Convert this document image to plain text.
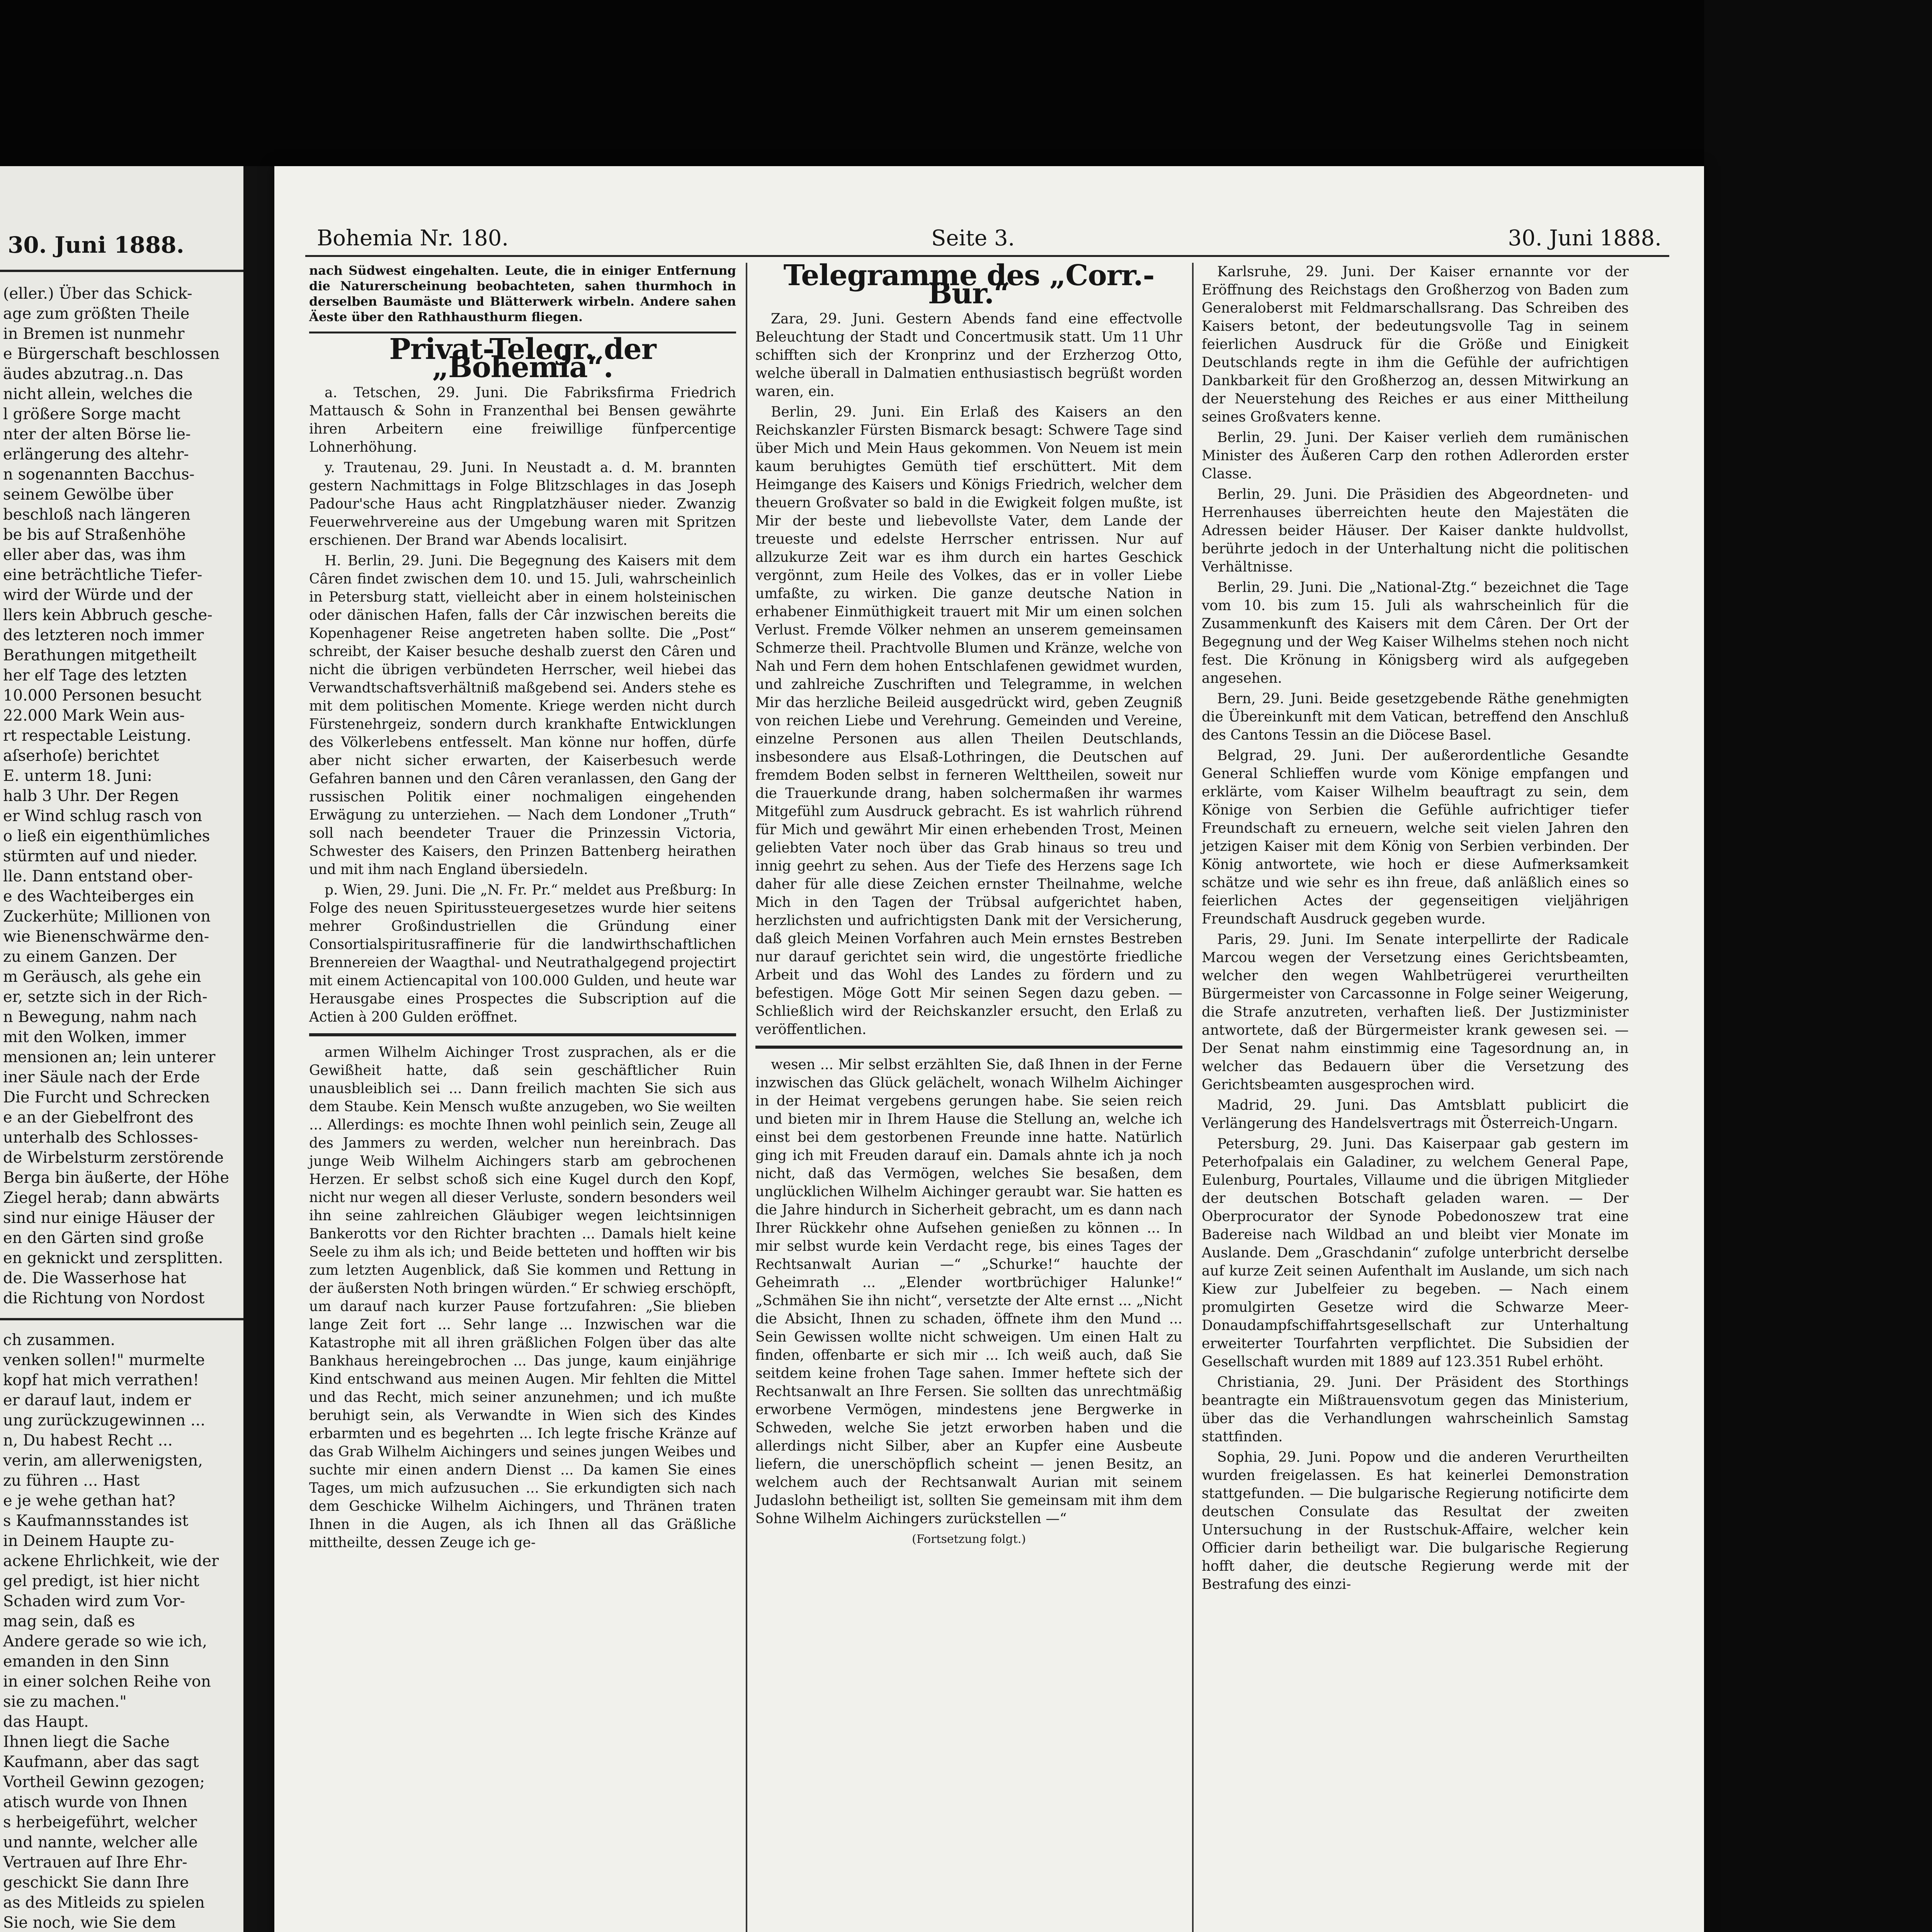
30. Juni 1888.
(eller.) Über das Schick-
age zum größten Theile
in Bremen ist nunmehr
e Bürgerschaft beschlossen
äudes abzutrag..n. Das
nicht allein, welches die
l größere Sorge macht
nter der alten Börse lie-
erlängerung des altehr-
n sogenannten Bacchus-
seinem Gewölbe über
beschloß nach längeren
be bis auf Straßenhöhe
eller aber das, was ihm
eine beträchtliche Tiefer-
wird der Würde und der
llers kein Abbruch gesche-
des letzteren noch immer
Berathungen mitgetheilt
her elf Tage des letzten
10.000 Personen besucht
22.000 Mark Wein aus-
rt respectable Leistung.
aſserhoſe) berichtet
E. unterm 18. Juni:
halb 3 Uhr. Der Regen
er Wind schlug rasch von
o ließ ein eigenthümliches
stürmten auf und nieder.
lle. Dann entstand ober-
e des Wachteiberges ein
Zuckerhüte; Millionen von
wie Bienenschwärme den-
zu einem Ganzen. Der
m Geräusch, als gehe ein
er, setzte sich in der Rich-
n Bewegung, nahm nach
mit den Wolken, immer
mensionen an; lein unterer
iner Säule nach der Erde
Die Furcht und Schrecken
e an der Giebelfront des
unterhalb des Schlosses-
de Wirbelsturm zerstörende
Berga bin äußerte, der Höhe
Ziegel herab; dann abwärts
sind nur einige Häuser der
en den Gärten sind große
en geknickt und zersplitten.
de. Die Wasserhose hat
die Richtung von Nordost
ch zusammen.
venken sollen!" murmelte
kopf hat mich verrathen!
er darauf laut, indem er
ung zurückzugewinnen ...
n, Du habest Recht ...
verin, am allerwenigsten,
zu führen ... Hast
e je wehe gethan hat?
s Kaufmannsstandes ist
in Deinem Haupte zu-
ackene Ehrlichkeit, wie der
gel predigt, ist hier nicht
Schaden wird zum Vor-
mag sein, daß es
Andere gerade so wie ich,
emanden in den Sinn
in einer solchen Reihe von
sie zu machen."
das Haupt.
Ihnen liegt die Sache
Kaufmann, aber das sagt
Vortheil Gewinn gezogen;
atisch wurde von Ihnen
s herbeigeführt, welcher
und nannte, welcher alle
Vertrauen auf Ihre Ehr-
geschickt Sie dann Ihre
as des Mitleids zu spielen
Sie noch, wie Sie dem
Bohemia Nr. 180.	Seite 3.	30. Juni 1888.
nach Südwest eingehalten. Leute, die in einiger Entfernung die Naturerscheinung beobachteten, sahen thurmhoch in derselben Baumäste und Blätterwerk wirbeln. Andere sahen Äeste über den Rathhausthurm fliegen.
Privat-Telegr. der „Bohemia“.

a. Tetschen, 29. Juni. Die Fabriksfirma Friedrich Mattausch & Sohn in Franzenthal bei Bensen gewährte ihren Arbeitern eine freiwillige fünfpercentige Lohnerhöhung.

y. Trautenau, 29. Juni. In Neustadt a. d. M. brannten gestern Nachmittags in Folge Blitzschlages in das Joseph Padour'sche Haus acht Ringplatzhäuser nieder. Zwanzig Feuerwehrvereine aus der Umgebung waren mit Spritzen erschienen. Der Brand war Abends localisirt.

H. Berlin, 29. Juni. Die Begegnung des Kaisers mit dem Câren findet zwischen dem 10. und 15. Juli, wahrscheinlich in Petersburg statt, vielleicht aber in einem holsteinischen oder dänischen Hafen, falls der Câr inzwischen bereits die Kopenhagener Reise angetreten haben sollte. Die „Post“ schreibt, der Kaiser besuche deshalb zuerst den Câren und nicht die übrigen verbündeten Herrscher, weil hiebei das Verwandtschaftsverhältniß maßgebend sei. Anders stehe es mit dem politischen Momente. Kriege werden nicht durch Fürstenehrgeiz, sondern durch krankhafte Entwicklungen des Völkerlebens entfesselt. Man könne nur hoffen, dürfe aber nicht sicher erwarten, der Kaiserbesuch werde Gefahren bannen und den Câren veranlassen, den Gang der russischen Politik einer nochmaligen eingehenden Erwägung zu unterziehen. — Nach dem Londoner „Truth“ soll nach beendeter Trauer die Prinzessin Victoria, Schwester des Kaisers, den Prinzen Battenberg heirathen und mit ihm nach England übersiedeln.

p. Wien, 29. Juni. Die „N. Fr. Pr.“ meldet aus Preßburg: In Folge des neuen Spiritussteuergesetzes wurde hier seitens mehrer Großindustriellen die Gründung einer Consortialspiritusraffinerie für die landwirthschaftlichen Brennereien der Waagthal- und Neutrathalgegend projectirt mit einem Actiencapital von 100.000 Gulden, und heute war Herausgabe eines Prospectes die Subscription auf die Actien à 200 Gulden eröffnet.

armen Wilhelm Aichinger Trost zusprachen, als er die Gewißheit hatte, daß sein geschäftlicher Ruin unausbleiblich sei ... Dann freilich machten Sie sich aus dem Staube. Kein Mensch wußte anzugeben, wo Sie weilten ... Allerdings: es mochte Ihnen wohl peinlich sein, Zeuge all des Jammers zu werden, welcher nun hereinbrach. Das junge Weib Wilhelm Aichingers starb am gebrochenen Herzen. Er selbst schoß sich eine Kugel durch den Kopf, nicht nur wegen all dieser Verluste, sondern besonders weil ihn seine zahlreichen Gläubiger wegen leichtsinnigen Bankerotts vor den Richter brachten ... Damals hielt keine Seele zu ihm als ich; und Beide betteten und hofften wir bis zum letzten Augenblick, daß Sie kommen und Rettung in der äußersten Noth bringen würden.“ Er schwieg erschöpft, um darauf nach kurzer Pause fortzufahren: „Sie blieben lange Zeit fort ... Sehr lange ... Inzwischen war die Katastrophe mit all ihren gräßlichen Folgen über das alte Bankhaus hereingebrochen ... Das junge, kaum einjährige Kind entschwand aus meinen Augen. Mir fehlten die Mittel und das Recht, mich seiner anzunehmen; und ich mußte beruhigt sein, als Verwandte in Wien sich des Kindes erbarmten und es begehrten ... Ich legte frische Kränze auf das Grab Wilhelm Aichingers und seines jungen Weibes und suchte mir einen andern Dienst ... Da kamen Sie eines Tages, um mich aufzusuchen ... Sie erkundigten sich nach dem Geschicke Wilhelm Aichingers, und Thränen traten Ihnen in die Augen, als ich Ihnen all das Gräßliche mittheilte, dessen Zeuge ich ge-

Telegramme des „Corr.-Bur.“

Zara, 29. Juni. Gestern Abends fand eine effectvolle Beleuchtung der Stadt und Concertmusik statt. Um 11 Uhr schifften sich der Kronprinz und der Erzherzog Otto, welche überall in Dalmatien enthusiastisch begrüßt worden waren, ein.

Berlin, 29. Juni. Ein Erlaß des Kaisers an den Reichskanzler Fürsten Bismarck besagt: Schwere Tage sind über Mich und Mein Haus gekommen. Von Neuem ist mein kaum beruhigtes Gemüth tief erschüttert. Mit dem Heimgange des Kaisers und Königs Friedrich, welcher dem theuern Großvater so bald in die Ewigkeit folgen mußte, ist Mir der beste und liebevollste Vater, dem Lande der treueste und edelste Herrscher entrissen. Nur auf allzukurze Zeit war es ihm durch ein hartes Geschick vergönnt, zum Heile des Volkes, das er in voller Liebe umfaßte, zu wirken. Die ganze deutsche Nation in erhabener Einmüthigkeit trauert mit Mir um einen solchen Verlust. Fremde Völker nehmen an unserem gemeinsamen Schmerze theil. Prachtvolle Blumen und Kränze, welche von Nah und Fern dem hohen Entschlafenen gewidmet wurden, und zahlreiche Zuschriften und Telegramme, in welchen Mir das herzliche Beileid ausgedrückt wird, geben Zeugniß von reichen Liebe und Verehrung. Gemeinden und Vereine, einzelne Personen aus allen Theilen Deutschlands, insbesondere aus Elsaß-Lothringen, die Deutschen auf fremdem Boden selbst in ferneren Welttheilen, soweit nur die Trauerkunde drang, haben solchermaßen ihr warmes Mitgefühl zum Ausdruck gebracht. Es ist wahrlich rührend für Mich und gewährt Mir einen erhebenden Trost, Meinen geliebten Vater noch über das Grab hinaus so treu und innig geehrt zu sehen. Aus der Tiefe des Herzens sage Ich daher für alle diese Zeichen ernster Theilnahme, welche Mich in den Tagen der Trübsal aufgerichtet haben, herzlichsten und aufrichtigsten Dank mit der Versicherung, daß gleich Meinen Vorfahren auch Mein ernstes Bestreben nur darauf gerichtet sein wird, die ungestörte friedliche Arbeit und das Wohl des Landes zu fördern und zu befestigen. Möge Gott Mir seinen Segen dazu geben. — Schließlich wird der Reichskanzler ersucht, den Erlaß zu veröffentlichen.

wesen ... Mir selbst erzählten Sie, daß Ihnen in der Ferne inzwischen das Glück gelächelt, wonach Wilhelm Aichinger in der Heimat vergebens gerungen habe. Sie seien reich und bieten mir in Ihrem Hause die Stellung an, welche ich einst bei dem gestorbenen Freunde inne hatte. Natürlich ging ich mit Freuden darauf ein. Damals ahnte ich ja noch nicht, daß das Vermögen, welches Sie besaßen, dem unglücklichen Wilhelm Aichinger geraubt war. Sie hatten es die Jahre hindurch in Sicherheit gebracht, um es dann nach Ihrer Rückkehr ohne Aufsehen genießen zu können ... In mir selbst wurde kein Verdacht rege, bis eines Tages der Rechtsanwalt Aurian —“ „Schurke!“ hauchte der Geheimrath ... „Elender wortbrüchiger Halunke!“ „Schmähen Sie ihn nicht“, versetzte der Alte ernst ... „Nicht die Absicht, Ihnen zu schaden, öffnete ihm den Mund ... Sein Gewissen wollte nicht schweigen. Um einen Halt zu finden, offenbarte er sich mir ... Ich weiß auch, daß Sie seitdem keine frohen Tage sahen. Immer heftete sich der Rechtsanwalt an Ihre Fersen. Sie sollten das unrechtmäßig erworbene Vermögen, mindestens jene Bergwerke in Schweden, welche Sie jetzt erworben haben und die allerdings nicht Silber, aber an Kupfer eine Ausbeute liefern, die unerschöpflich scheint — jenen Besitz, an welchem auch der Rechtsanwalt Aurian mit seinem Judaslohn betheiligt ist, sollten Sie gemeinsam mit ihm dem Sohne Wilhelm Aichingers zurückstellen —“

(Fortsetzung folgt.)

Karlsruhe, 29. Juni. Der Kaiser ernannte vor der Eröffnung des Reichstags den Großherzog von Baden zum Generaloberst mit Feldmarschallsrang. Das Schreiben des Kaisers betont, der bedeutungsvolle Tag in seinem feierlichen Ausdruck für die Größe und Einigkeit Deutschlands regte in ihm die Gefühle der aufrichtigen Dankbarkeit für den Großherzog an, dessen Mitwirkung an der Neuerstehung des Reiches er aus einer Mittheilung seines Großvaters kenne.

Berlin, 29. Juni. Der Kaiser verlieh dem rumänischen Minister des Äußeren Carp den rothen Adlerorden erster Classe.

Berlin, 29. Juni. Die Präsidien des Abgeordneten- und Herrenhauses überreichten heute den Majestäten die Adressen beider Häuser. Der Kaiser dankte huldvollst, berührte jedoch in der Unterhaltung nicht die politischen Verhältnisse.

Berlin, 29. Juni. Die „National-Ztg.“ bezeichnet die Tage vom 10. bis zum 15. Juli als wahrscheinlich für die Zusammenkunft des Kaisers mit dem Câren. Der Ort der Begegnung und der Weg Kaiser Wilhelms stehen noch nicht fest. Die Krönung in Königsberg wird als aufgegeben angesehen.

Bern, 29. Juni. Beide gesetzgebende Räthe genehmigten die Übereinkunft mit dem Vatican, betreffend den Anschluß des Cantons Tessin an die Diöcese Basel.

Belgrad, 29. Juni. Der außerordentliche Gesandte General Schlieffen wurde vom Könige empfangen und erklärte, vom Kaiser Wilhelm beauftragt zu sein, dem Könige von Serbien die Gefühle aufrichtiger tiefer Freundschaft zu erneuern, welche seit vielen Jahren den jetzigen Kaiser mit dem König von Serbien verbinden. Der König antwortete, wie hoch er diese Aufmerksamkeit schätze und wie sehr es ihn freue, daß anläßlich eines so feierlichen Actes der gegenseitigen vieljährigen Freundschaft Ausdruck gegeben wurde.

Paris, 29. Juni. Im Senate interpellirte der Radicale Marcou wegen der Versetzung eines Gerichtsbeamten, welcher den wegen Wahlbetrügerei verurtheilten Bürgermeister von Carcassonne in Folge seiner Weigerung, die Strafe anzutreten, verhaften ließ. Der Justizminister antwortete, daß der Bürgermeister krank gewesen sei. — Der Senat nahm einstimmig eine Tagesordnung an, in welcher das Bedauern über die Versetzung des Gerichtsbeamten ausgesprochen wird.

Madrid, 29. Juni. Das Amtsblatt publicirt die Verlängerung des Handelsvertrags mit Österreich-Ungarn.

Petersburg, 29. Juni. Das Kaiserpaar gab gestern im Peterhofpalais ein Galadiner, zu welchem General Pape, Eulenburg, Pourtales, Villaume und die übrigen Mitglieder der deutschen Botschaft geladen waren. — Der Oberprocurator der Synode Pobedonoszew trat eine Badereise nach Wildbad an und bleibt vier Monate im Auslande. Dem „Graschdanin“ zufolge unterbricht derselbe auf kurze Zeit seinen Aufenthalt im Auslande, um sich nach Kiew zur Jubelfeier zu begeben. — Nach einem promulgirten Gesetze wird die Schwarze Meer-Donaudampfschiffahrtsgesellschaft zur Unterhaltung erweiterter Tourfahrten verpflichtet. Die Subsidien der Gesellschaft wurden mit 1889 auf 123.351 Rubel erhöht.

Christiania, 29. Juni. Der Präsident des Storthings beantragte ein Mißtrauensvotum gegen das Ministerium, über das die Verhandlungen wahrscheinlich Samstag stattfinden.

Sophia, 29. Juni. Popow und die anderen Verurtheilten wurden freigelassen. Es hat keinerlei Demonstration stattgefunden. — Die bulgarische Regierung notificirte dem deutschen Consulate das Resultat der zweiten Untersuchung in der Rustschuk-Affaire, welcher kein Officier darin betheiligt war. Die bulgarische Regierung hofft daher, die deutsche Regierung werde mit der Bestrafung des einzi-
